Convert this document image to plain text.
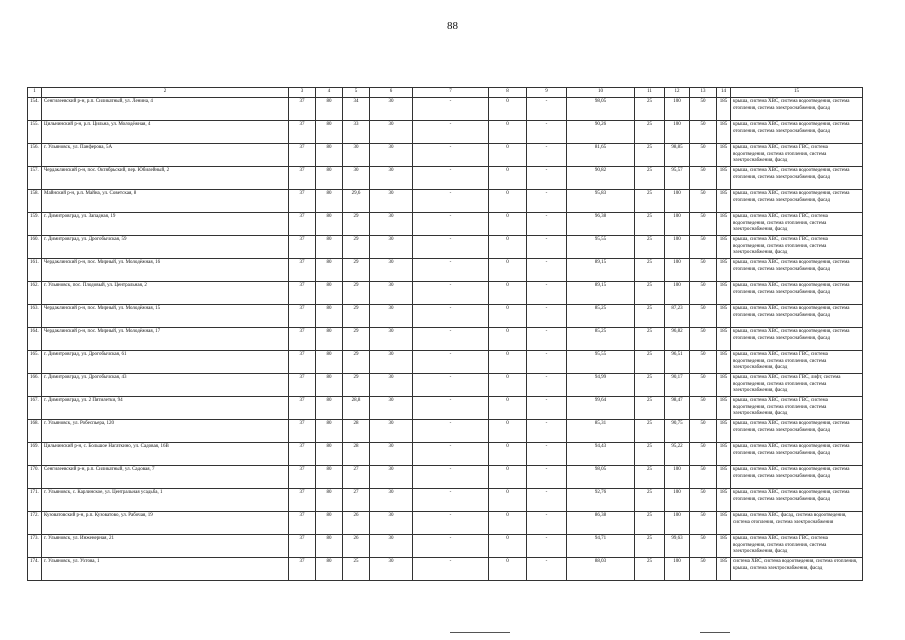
88
1	2	3	4	5	6	7	8	9	10	11	12	13	14	15
154.	Сенгилеевский р-н, р.п. Силикатный, ул. Ленина, 4	37	80	34	30	-	0	-	98,05	25	100	50	185	крыша, система ХВС, система водоотведения, система отопления, система электроснабжения, фасад
155.	Цильнинский р-н, р.п. Цильна, ул. Молодёжная, 4	37	80	33	30	-	0	-	90,26	25	100	50	185	крыша, система ХВС, система водоотведения, система отопления, система электроснабжения, фасад
156.	г. Ульяновск, ул. Панферова, 5А	37	80	30	30	-	0	-	81,65	25	98,85	50	185	крыша, система ХВС, система ГВС, система водоотведения, система отопления, система электроснабжения, фасад
157.	Чердаклинский р-н, пос. Октябрьский, пер. Юбилейный, 2	37	80	30	30	-	0	-	90,82	25	95,57	50	185	крыша, система ХВС, система водоотведения, система отопления, система электроснабжения, фасад
158.	Майнский р-н, р.п. Майна, ул. Советская, 8	37	80	29,6	30	-	0	-	95,83	25	100	50	185	крыша, система ХВС, система водоотведения, система отопления, система электроснабжения, фасад
159.	г. Димитровград, ул. Западная, 19	37	80	29	30	-	0	-	96,38	25	100	50	185	крыша, система ХВС, система ГВС, система водоотведения, система отопления, система электроснабжения, фасад
160.	г. Димитровград, ул. Дрогобычская, 59	37	80	29	30	-	0	-	95,55	25	100	50	185	крыша, система ХВС, система ГВС, система водоотведения, система отопления, система электроснабжения, фасад
161.	Чердаклинский р-н, пос. Мирный, ул. Молодёжная, 16	37	80	29	30	-	0	-	89,15	25	100	50	185	крыша, система ХВС, система водоотведения, система отопления, система электроснабжения, фасад
162.	г. Ульяновск, пос. Плодовый, ул. Центральная, 2	37	80	29	30	-	0	-	89,15	25	100	50	185	крыша, система ХВС, система водоотведения, система отопления, система электроснабжения, фасад
163.	Чердаклинский р-н, пос. Мирный, ул. Молодёжная, 15	37	80	29	30	-	0	-	85,25	25	87,23	50	185	крыша, система ХВС, система водоотведения, система отопления, система электроснабжения, фасад
164.	Чердаклинский р-н, пос. Мирный, ул. Молодёжная, 17	37	80	29	30	-	0	-	85,25	25	96,82	50	185	крыша, система ХВС, система водоотведения, система отопления, система электроснабжения, фасад
165.	г. Димитровград, ул. Дрогобычская, 61	37	80	29	30	-	0	-	95,55	25	96,51	50	185	крыша, система ХВС, система ГВС, система водоотведения, система отопления, система электроснабжения, фасад
166.	г. Димитровград, ул. Дрогобычская, 43	37	80	29	30	-	0	-	94,99	25	90,17	50	185	крыша, система ХВС, система ГВС, лифт, система водоотведения, система отопления, система электроснабжения, фасад
167.	г. Димитровград, ул. 2 Пятилетки, 94	37	80	28,8	30	-	0	-	99,64	25	98,47	50	185	крыша, система ХВС, система ГВС, система водоотведения, система отопления, система электроснабжения, фасад
168.	г. Ульяновск, ул. Робеспьера, 120	37	80	28	30	-	0	-	85,31	25	90,75	50	185	крыша, система ХВС, система водоотведения, система отопления, система электроснабжения, фасад
169.	Цильнинский р-н, с. Большое Нагаткино, ул. Садовая, 16В	37	80	28	30	-	0	-	94,43	25	95,22	50	185	крыша, система ХВС, система водоотведения, система отопления, система электроснабжения, фасад
170.	Сенгилеевский р-н, р.п. Силикатный, ул. Садовая, 7	37	80	27	30	-	0	-	98,05	25	100	50	185	крыша, система ХВС, система водоотведения, система отопления, система электроснабжения, фасад
171.	г. Ульяновск, с. Карлинское, ул. Центральная усадьба, 1	37	80	27	30	-	0	-	92,76	25	100	50	185	крыша, система ХВС, система водоотведения, система отопления, система электроснабжения, фасад
172.	Кузоватовский р-н, р.п. Кузоватово, ул. Рабочая, 19	37	80	26	30	-	0	-	86,38	25	100	50	185	крыша, система ХВС, фасад, система водоотведения, система отопления, система электроснабжения
173.	г. Ульяновск, ул. Инженерная, 21	37	80	26	30	-	0	-	94,71	25	99,63	50	185	крыша, система ХВС, система ГВС, система водоотведения, система отопления, система электроснабжения, фасад
174.	г. Ульяновск, ул. Ухтова, 1	37	80	25	30	-	0	-	88,03	25	100	50	185	система ХВС, система водоотведения, система отопления, крыша, система электроснабжения, фасад
